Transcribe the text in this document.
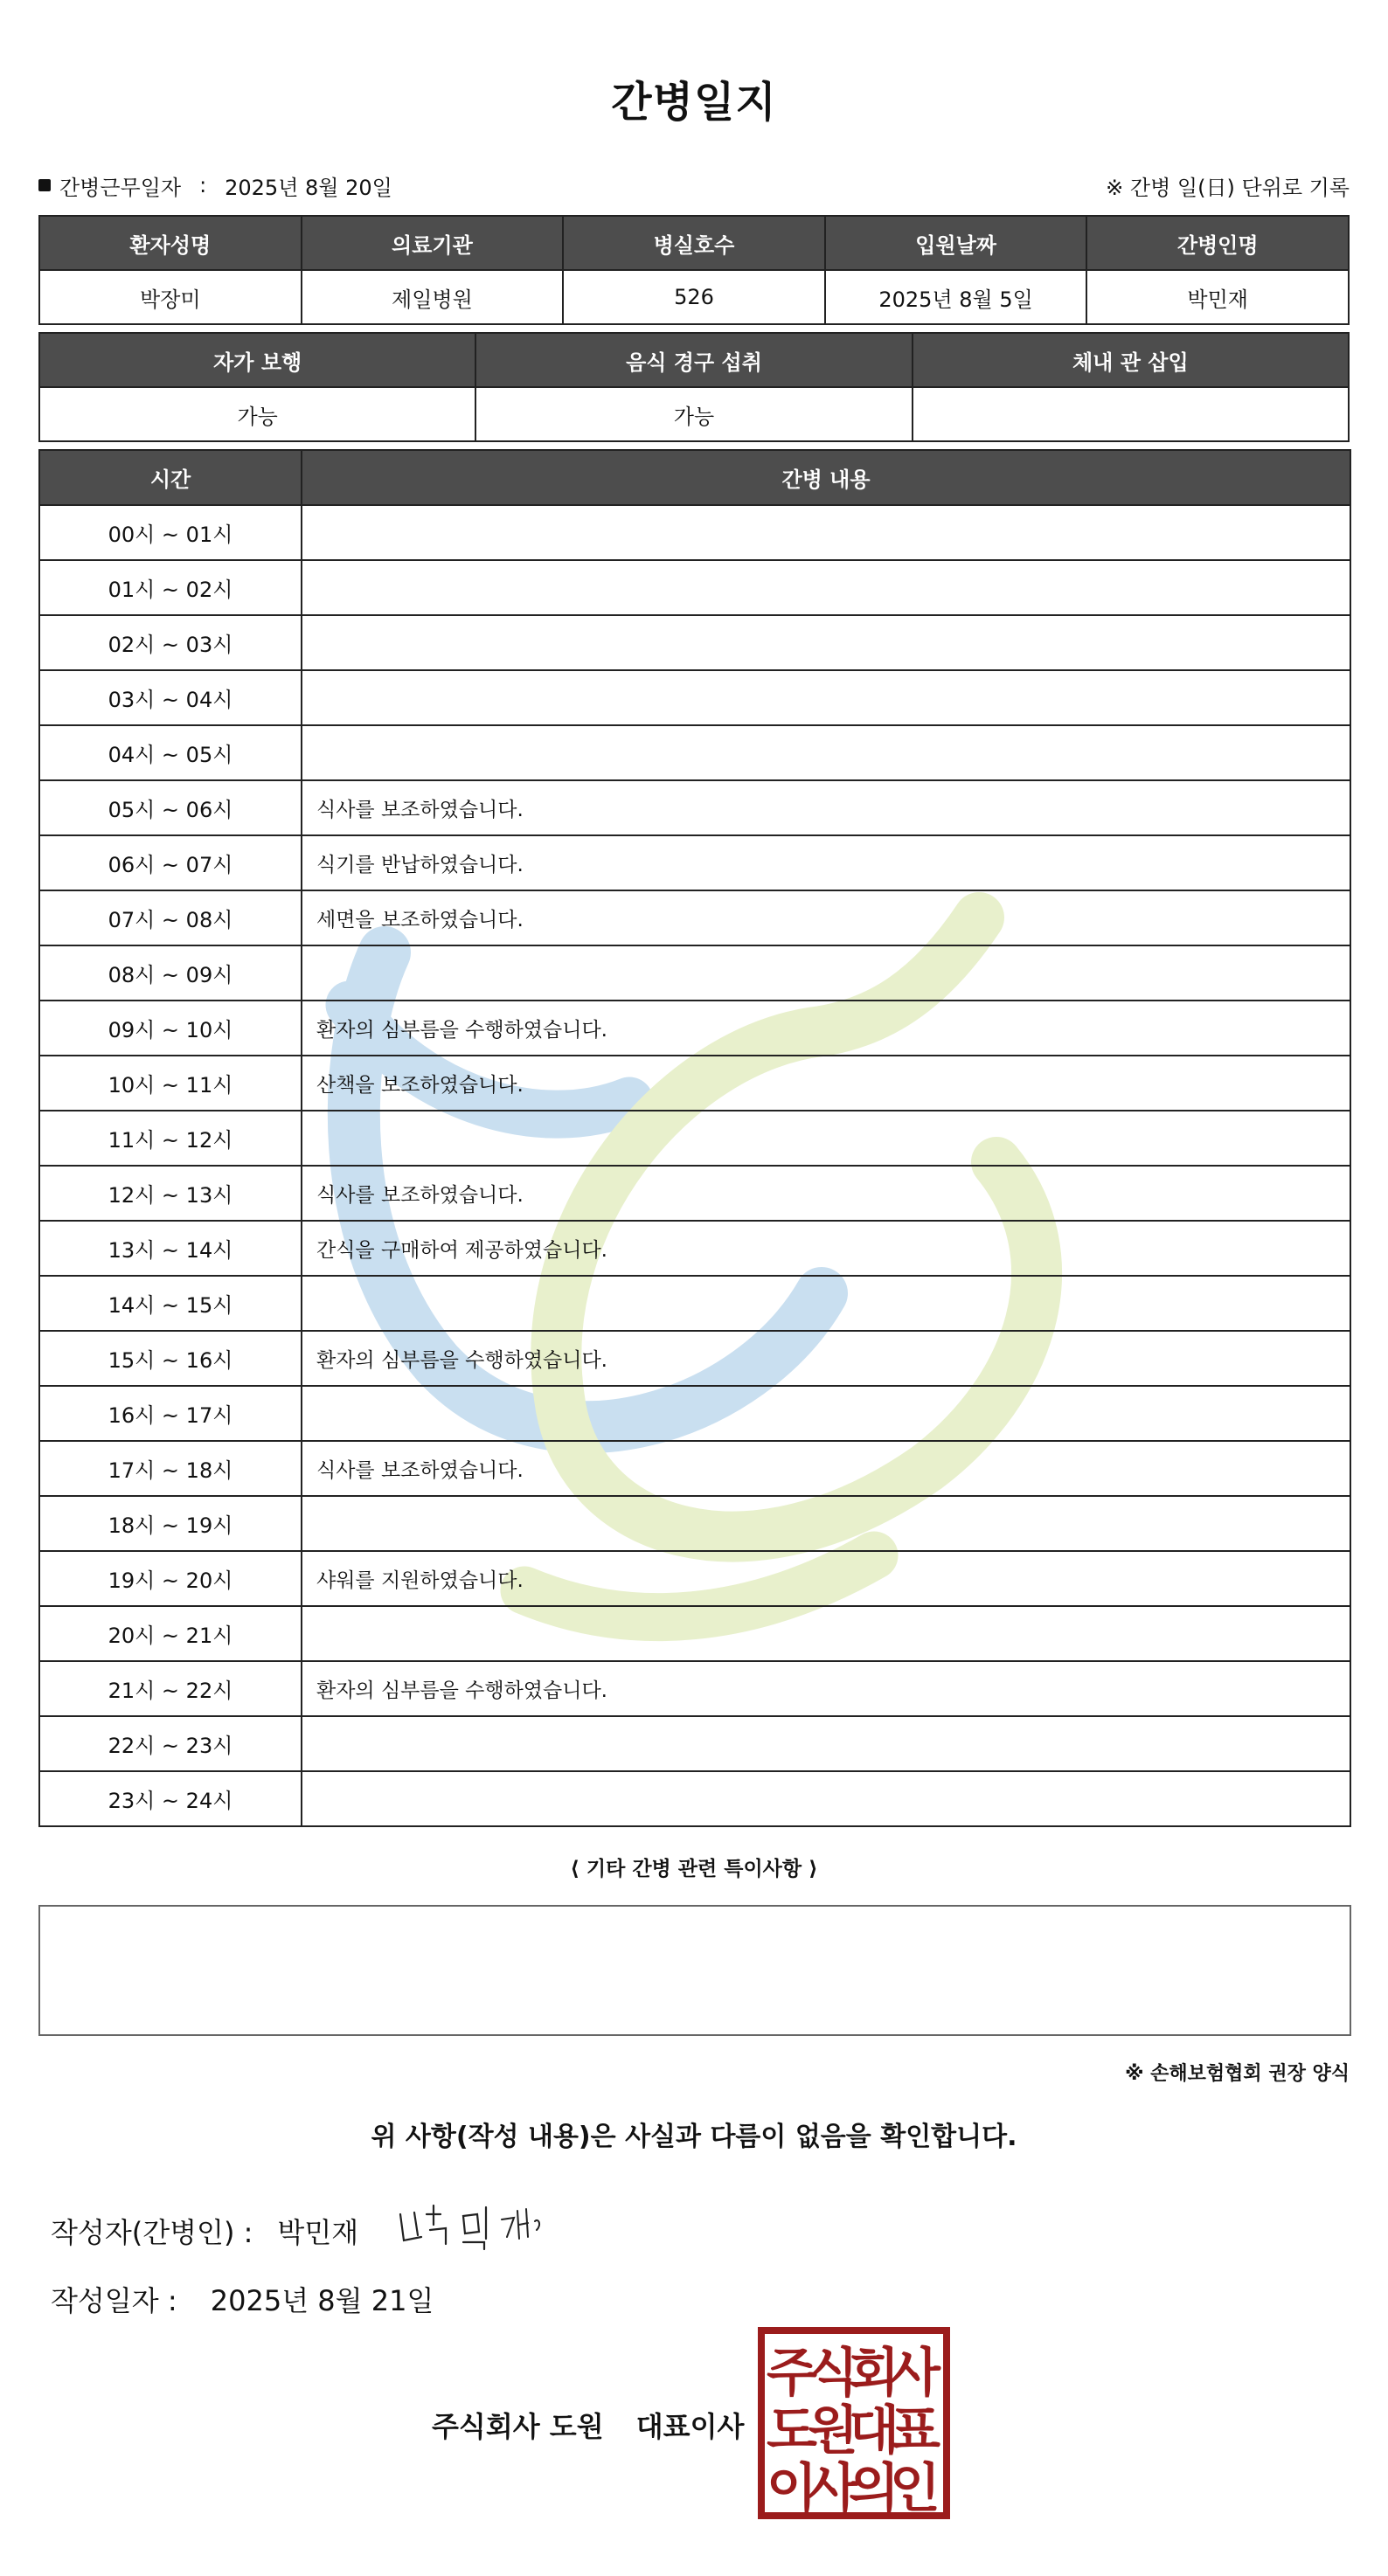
간병일지
간병근무일자 : 2025년 8월 20일	※ 간병 일(日) 단위로 기록
환자성명	의료기관	병실호수	입원날짜	간병인명
박장미	제일병원	526	2025년 8월 5일	박민재
자가 보행	음식 경구 섭취	체내 관 삽입
가능	가능	
시간	간병 내용
00시 ~ 01시	
01시 ~ 02시	
02시 ~ 03시	
03시 ~ 04시	
04시 ~ 05시	
05시 ~ 06시	식사를 보조하였습니다.
06시 ~ 07시	식기를 반납하였습니다.
07시 ~ 08시	세면을 보조하였습니다.
08시 ~ 09시	
09시 ~ 10시	환자의 심부름을 수행하였습니다.
10시 ~ 11시	산책을 보조하였습니다.
11시 ~ 12시	
12시 ~ 13시	식사를 보조하였습니다.
13시 ~ 14시	간식을 구매하여 제공하였습니다.
14시 ~ 15시	
15시 ~ 16시	환자의 심부름을 수행하였습니다.
16시 ~ 17시	
17시 ~ 18시	식사를 보조하였습니다.
18시 ~ 19시	
19시 ~ 20시	샤워를 지원하였습니다.
20시 ~ 21시	
21시 ~ 22시	환자의 심부름을 수행하였습니다.
22시 ~ 23시	
23시 ~ 24시	
⟨ 기타 간병 관련 특이사항 ⟩
※ 손해보험협회 권장 양식
위 사항(작성 내용)은 사실과 다름이 없음을 확인합니다.
작성자(간병인) : 박민재
작성일자 : 2025년 8월 21일
주식회사 도원 대표이사
주
식
회
사
도
원
대
표
이
사
의
인
